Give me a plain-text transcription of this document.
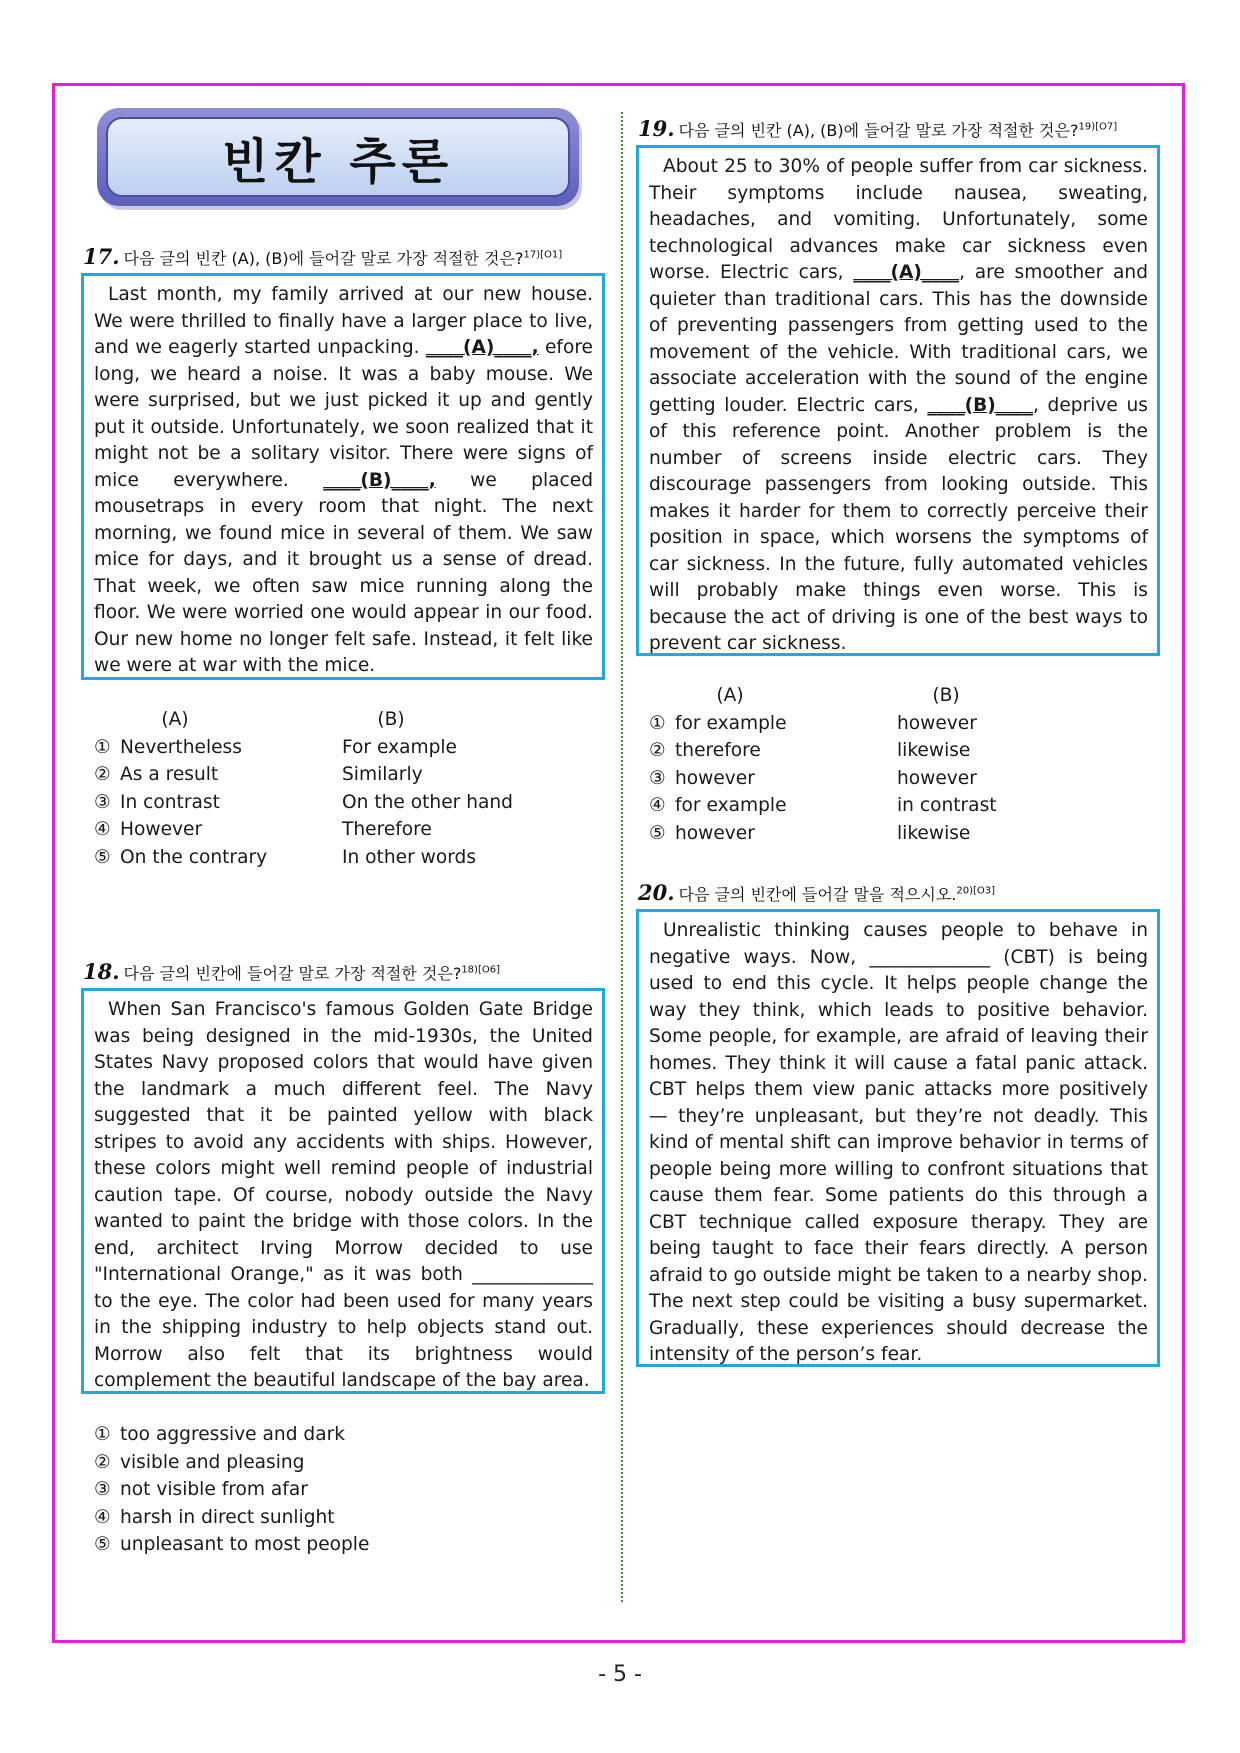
빈칸 추론
17. 다음 글의 빈칸 (A), (B)에 들어갈 말로 가장 적절한 것은?$^{17)[O1]}$
Last month, my family arrived at our new house. We were thrilled to finally have a larger place to live, and we eagerly started unpacking. ____(A)____, efore long, we heard a noise. It was a baby mouse. We were surprised, but we just picked it up and gently put it outside. Unfortunately, we soon realized that it might not be a solitary visitor. There were signs of mice everywhere. ____(B)____, we placed mousetraps in every room that night. The next morning, we found mice in several of them. We saw mice for days, and it brought us a sense of dread. That week, we often saw mice running along the floor. We were worried one would appear in our food. Our new home no longer felt safe. Instead, it felt like we were at war with the mice.
(A)	(B)
① Nevertheless	For example
② As a result	Similarly
③ In contrast	On the other hand
④ However	Therefore
⑤ On the contrary	In other words
18. 다음 글의 빈칸에 들어갈 말로 가장 적절한 것은?$^{18)[O6]}$
When San Francisco's famous Golden Gate Bridge was being designed in the mid-1930s, the United States Navy proposed colors that would have given the landmark a much different feel. The Navy suggested that it be painted yellow with black stripes to avoid any accidents with ships. However, these colors might well remind people of industrial caution tape. Of course, nobody outside the Navy wanted to paint the bridge with those colors. In the end, architect Irving Morrow decided to use "International Orange," as it was both _____________ to the eye. The color had been used for many years in the shipping industry to help objects stand out. Morrow also felt that its brightness would complement the beautiful landscape of the bay area.
① too aggressive and dark
② visible and pleasing
③ not visible from afar
④ harsh in direct sunlight
⑤ unpleasant to most people
19. 다음 글의 빈칸 (A), (B)에 들어갈 말로 가장 적절한 것은?$^{19)[O7]}$
About 25 to 30% of people suffer from car sickness. Their symptoms include nausea, sweating, headaches, and vomiting. Unfortunately, some technological advances make car sickness even worse. Electric cars, ____(A)____, are smoother and quieter than traditional cars. This has the downside of preventing passengers from getting used to the movement of the vehicle. With traditional cars, we associate acceleration with the sound of the engine getting louder. Electric cars, ____(B)____, deprive us of this reference point. Another problem is the number of screens inside electric cars. They discourage passengers from looking outside. This makes it harder for them to correctly perceive their position in space, which worsens the symptoms of car sickness. In the future, fully automated vehicles will probably make things even worse. This is because the act of driving is one of the best ways to prevent car sickness.
(A)	(B)
① for example	however
② therefore	likewise
③ however	however
④ for example	in contrast
⑤ however	likewise
20. 다음 글의 빈칸에 들어갈 말을 적으시오.$^{20)[O3]}$
Unrealistic thinking causes people to behave in negative ways. Now, _____________ (CBT) is being used to end this cycle. It helps people change the way they think, which leads to positive behavior. Some people, for example, are afraid of leaving their homes. They think it will cause a fatal panic attack. CBT helps them view panic attacks more positively — they’re unpleasant, but they’re not deadly. This kind of mental shift can improve behavior in terms of people being more willing to confront situations that cause them fear. Some patients do this through a CBT technique called exposure therapy. They are being taught to face their fears directly. A person afraid to go outside might be taken to a nearby shop. The next step could be visiting a busy supermarket. Gradually, these experiences should decrease the intensity of the person’s fear.
- 5 -
